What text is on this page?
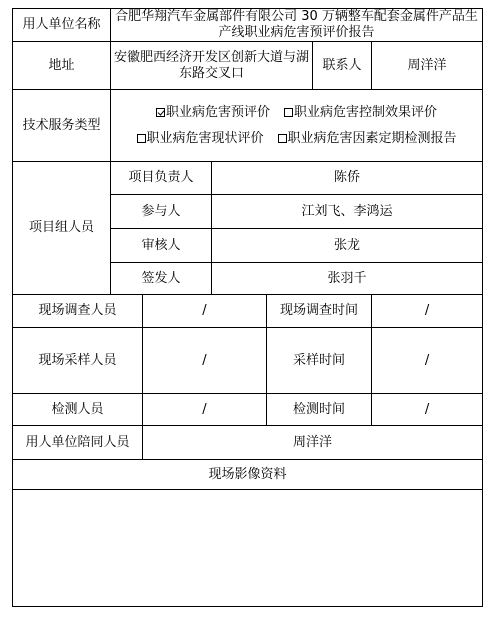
用人单位名称	合肥华翔汽车金属部件有限公司 30 万辆整车配套金属件产品生产线职业病危害预评价报告					
地址	安徽肥西经济开发区创新大道与湖东路交叉口				联系人	周洋洋
技术服务类型	职业病危害预评价 职业病危害控制效果评价
职业病危害现状评价 职业病危害因素定期检测报告					

项目组人员	项目负责人		陈侨			
	参与人		江刘飞、李鸿运			
	审核人		张龙			
	签发人		张羽千			
现场调查人员		/		现场调查时间		/
现场采样人员		/		采样时间		/
检测人员		/		检测时间		/
用人单位陪同人员		周洋洋				
现场影像资料						
